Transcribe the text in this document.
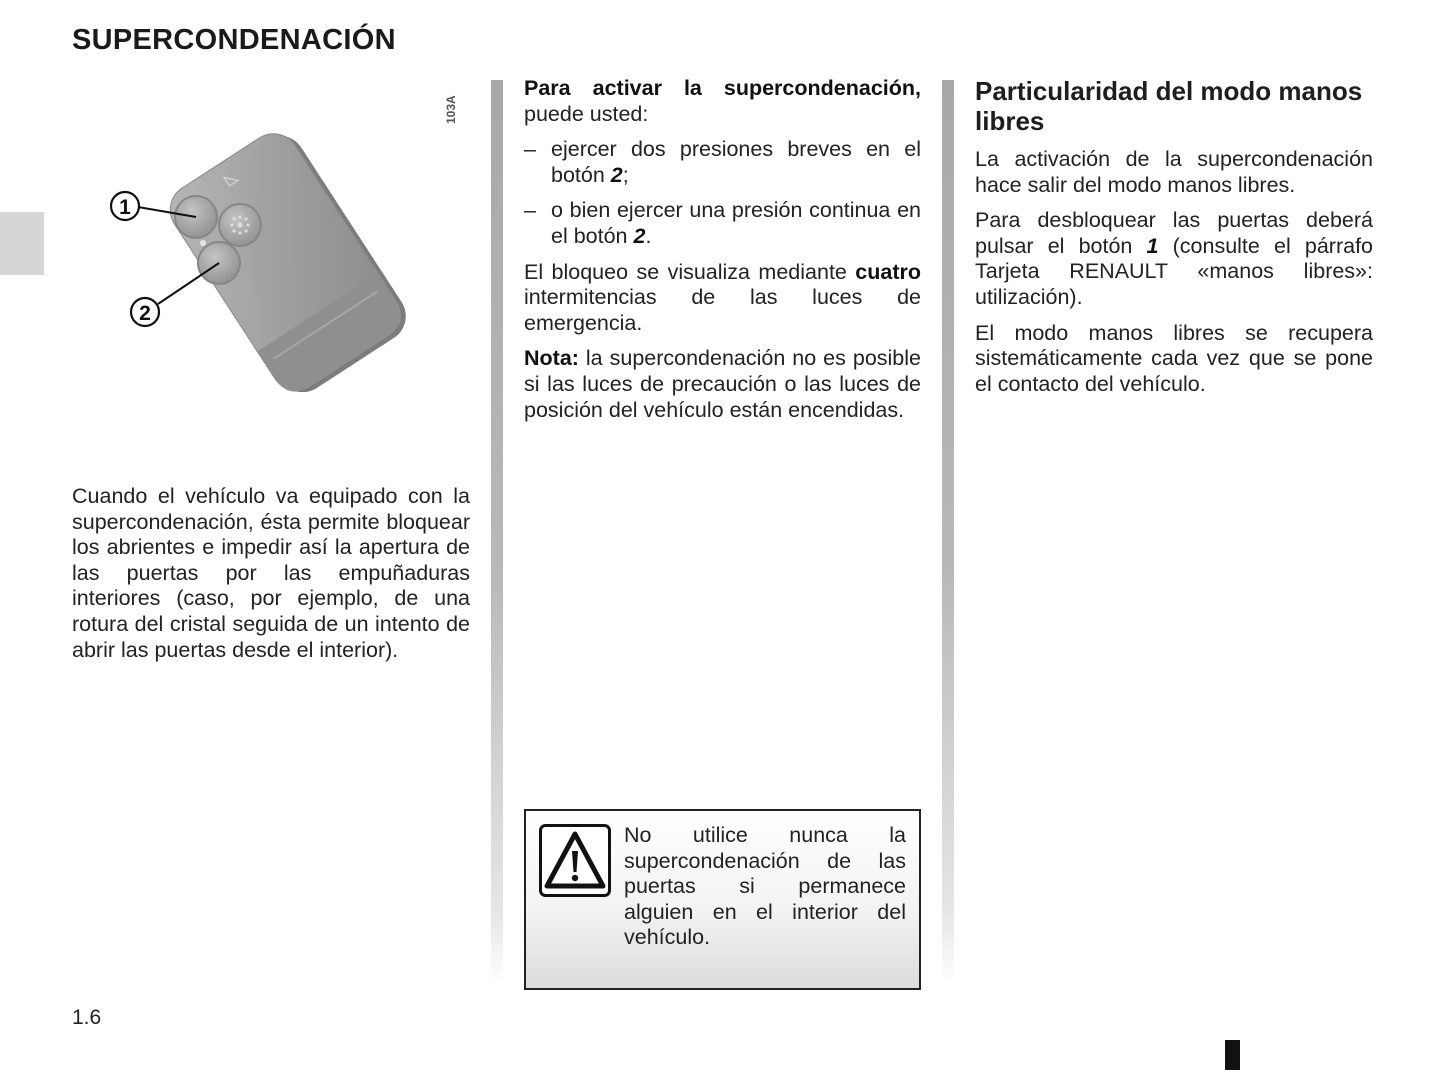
SUPERCONDENACIÓN
1
2
103A

Cuando el vehículo va equipado con la supercondenación, ésta permite bloquear los abrientes e impedir así la apertura de las puertas por las empuñaduras interiores (caso, por ejemplo, de una rotura del cristal seguida de un intento de abrir las puertas desde el interior).

Para activar la supercondenación, puede usted:

– ejercer dos presiones breves en el botón 2;

– o bien ejercer una presión continua en el botón 2.

El bloqueo se visualiza mediante cuatro intermitencias de las luces de emergencia.

Nota: la supercondenación no es posible si las luces de precaución o las luces de posición del vehículo están encendidas.

No utilice nunca la supercondenación de las puertas si permanece alguien en el interior del vehículo.

Particularidad del modo manos libres

La activación de la supercondenación hace salir del modo manos libres.

Para desbloquear las puertas deberá pulsar el botón 1 (consulte el párrafo Tarjeta RENAULT «manos libres»: utilización).

El modo manos libres se recupera sistemáticamente cada vez que se pone el contacto del vehículo.

1.6
